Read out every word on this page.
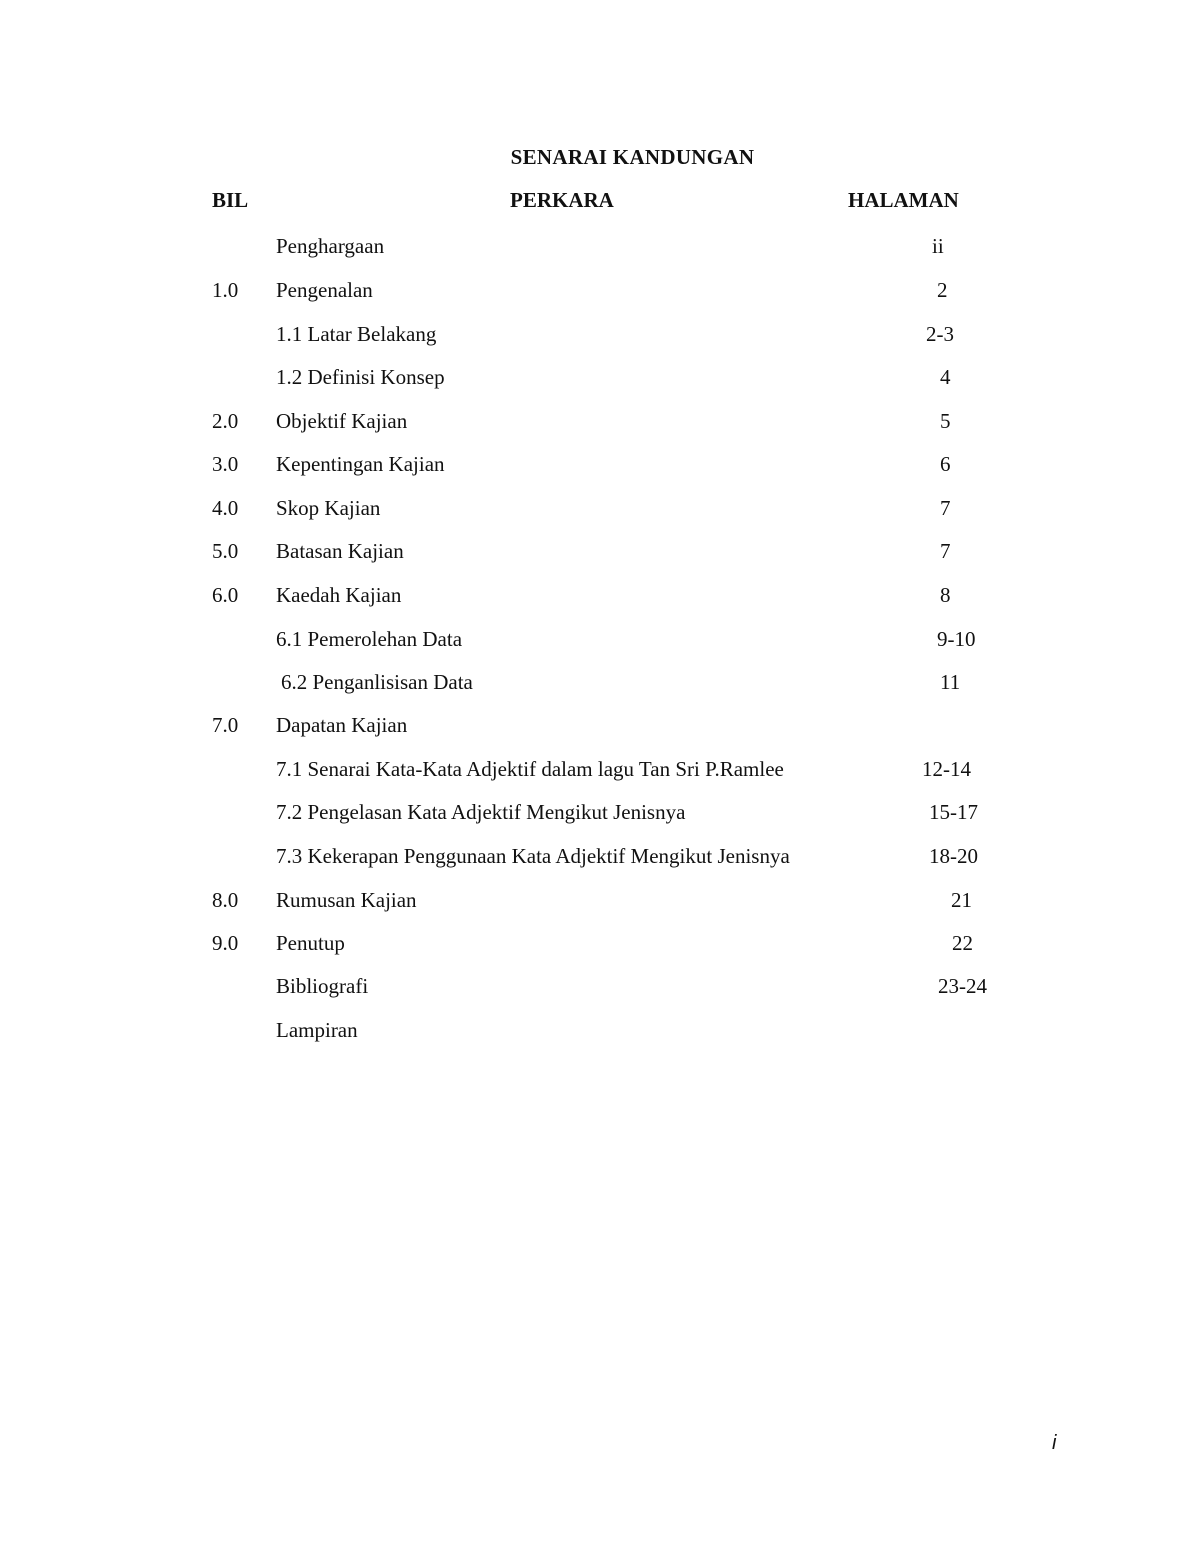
SENARAI KANDUNGAN
BIL	PERKARA	HALAMAN
Penghargaan	ii
1.0 Pengenalan	2
1.1 Latar Belakang	2-3
1.2 Definisi Konsep	4
2.0 Objektif Kajian	5
3.0 Kepentingan Kajian	6
4.0 Skop Kajian	7
5.0 Batasan Kajian	7
6.0 Kaedah Kajian	8
6.1 Pemerolehan Data	9-10
6.2 Penganlisisan Data	11
7.0 Dapatan Kajian
7.1 Senarai Kata-Kata Adjektif dalam lagu Tan Sri P.Ramlee	12-14
7.2 Pengelasan Kata Adjektif Mengikut Jenisnya	15-17
7.3 Kekerapan Penggunaan Kata Adjektif Mengikut Jenisnya	18-20
8.0 Rumusan Kajian	21
9.0 Penutup	22
Bibliografi	23-24
Lampiran
i
